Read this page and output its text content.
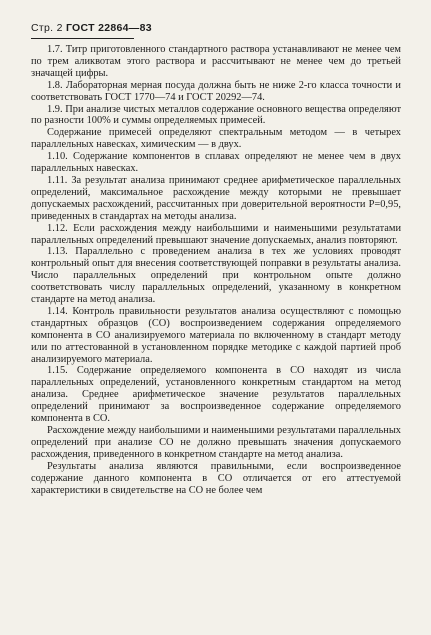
Стр. 2 ГОСТ 22864—83

1.7. Титр приготовленного стандартного раствора устанавливают не менее чем по трем аликвотам этого раствора и рассчитывают не менее чем до третьей значащей цифры.

1.8. Лабораторная мерная посуда должна быть не ниже 2-го класса точности и соответствовать ГОСТ 1770—74 и ГОСТ 20292—74.

1.9. При анализе чистых металлов содержание основного вещества определяют по разности 100% и суммы определяемых примесей.

Содержание примесей определяют спектральным методом — в четырех параллельных навесках, химическим — в двух.

1.10. Содержание компонентов в сплавах определяют не менее чем в двух параллельных навесках.

1.11. За результат анализа принимают среднее арифметическое параллельных определений, максимальное расхождение между которыми не превышает допускаемых расхождений, рассчитанных при доверительной вероятности P=0,95, приведенных в стандартах на методы анализа.

1.12. Если расхождения между наибольшими и наименьшими результатами параллельных определений превышают значение допускаемых, анализ повторяют.

1.13. Параллельно с проведением анализа в тех же условиях проводят контрольный опыт для внесения соответствующей поправки в результаты анализа. Число параллельных определений при контрольном опыте должно соответствовать числу параллельных определений, указанному в конкретном стандарте на метод анализа.

1.14. Контроль правильности результатов анализа осуществляют с помощью стандартных образцов (СО) воспроизведением содержания определяемого компонента в СО анализируемого материала по включенному в стандарт методу или по аттестованной в установленном порядке методике с каждой партией проб анализируемого материала.

1.15. Содержание определяемого компонента в СО находят из числа параллельных определений, установленного конкретным стандартом на метод анализа. Среднее арифметическое значение результатов параллельных определений принимают за воспроизведенное содержание определяемого компонента в СО.

Расхождение между наибольшими и наименьшими результатами параллельных определений при анализе СО не должно превышать значения допускаемого расхождения, приведенного в конкретном стандарте на метод анализа.

Результаты анализа являются правильными, если воспроизведенное содержание данного компонента в СО отличается от его аттестуемой характеристики в свидетельстве на СО не более чем
